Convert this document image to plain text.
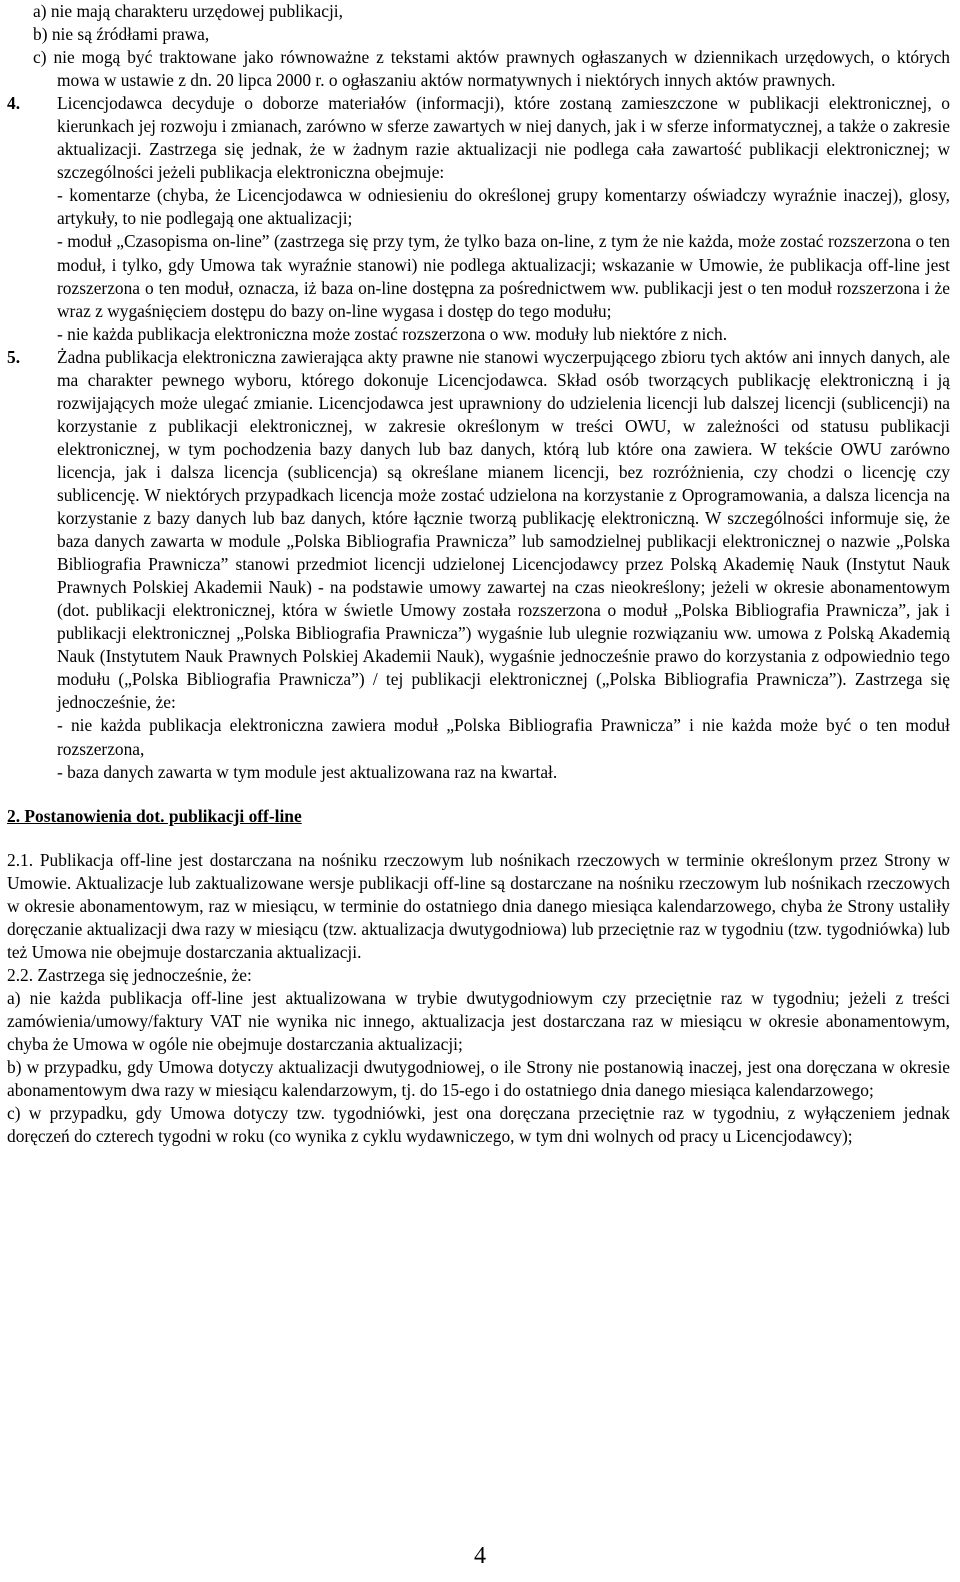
a) nie mają charakteru urzędowej publikacji,

b) nie są źródłami prawa,

c) nie mogą być traktowane jako równoważne z tekstami aktów prawnych ogłaszanych w dziennikach urzędowych, o których mowa w ustawie z dn. 20 lipca 2000 r. o ogłaszaniu aktów normatywnych i niektórych innych aktów prawnych.

4. Licencjodawca decyduje o doborze materiałów (informacji), które zostaną zamieszczone w publikacji elektronicznej, o kierunkach jej rozwoju i zmianach, zarówno w sferze zawartych w niej danych, jak i w sferze informatycznej, a także o zakresie aktualizacji. Zastrzega się jednak, że w żadnym razie aktualizacji nie podlega cała zawartość publikacji elektronicznej; w szczególności jeżeli publikacja elektroniczna obejmuje:

- komentarze (chyba, że Licencjodawca w odniesieniu do określonej grupy komentarzy oświadczy wyraźnie inaczej), glosy, artykuły, to nie podlegają one aktualizacji;

- moduł „Czasopisma on-line” (zastrzega się przy tym, że tylko baza on-line, z tym że nie każda, może zostać rozszerzona o ten moduł, i tylko, gdy Umowa tak wyraźnie stanowi) nie podlega aktualizacji; wskazanie w Umowie, że publikacja off-line jest rozszerzona o ten moduł, oznacza, iż baza on-line dostępna za pośrednictwem ww. publikacji jest o ten moduł rozszerzona i że wraz z wygaśnięciem dostępu do bazy on-line wygasa i dostęp do tego modułu;

- nie każda publikacja elektroniczna może zostać rozszerzona o ww. moduły lub niektóre z nich.

5. Żadna publikacja elektroniczna zawierająca akty prawne nie stanowi wyczerpującego zbioru tych aktów ani innych danych, ale ma charakter pewnego wyboru, którego dokonuje Licencjodawca. Skład osób tworzących publikację elektroniczną i ją rozwijających może ulegać zmianie. Licencjodawca jest uprawniony do udzielenia licencji lub dalszej licencji (sublicencji) na korzystanie z publikacji elektronicznej, w zakresie określonym w treści OWU, w zależności od statusu publikacji elektronicznej, w tym pochodzenia bazy danych lub baz danych, którą lub które ona zawiera. W tekście OWU zarówno licencja, jak i dalsza licencja (sublicencja) są określane mianem licencji, bez rozróżnienia, czy chodzi o licencję czy sublicencję. W niektórych przypadkach licencja może zostać udzielona na korzystanie z Oprogramowania, a dalsza licencja na korzystanie z bazy danych lub baz danych, które łącznie tworzą publikację elektroniczną. W szczególności informuje się, że baza danych zawarta w module „Polska Bibliografia Prawnicza” lub samodzielnej publikacji elektronicznej o nazwie „Polska Bibliografia Prawnicza” stanowi przedmiot licencji udzielonej Licencjodawcy przez Polską Akademię Nauk (Instytut Nauk Prawnych Polskiej Akademii Nauk) - na podstawie umowy zawartej na czas nieokreślony; jeżeli w okresie abonamentowym (dot. publikacji elektronicznej, która w świetle Umowy została rozszerzona o moduł „Polska Bibliografia Prawnicza”, jak i publikacji elektronicznej „Polska Bibliografia Prawnicza”) wygaśnie lub ulegnie rozwiązaniu ww. umowa z Polską Akademią Nauk (Instytutem Nauk Prawnych Polskiej Akademii Nauk), wygaśnie jednocześnie prawo do korzystania z odpowiednio tego modułu („Polska Bibliografia Prawnicza”) / tej publikacji elektronicznej („Polska Bibliografia Prawnicza”). Zastrzega się jednocześnie, że:

- nie każda publikacja elektroniczna zawiera moduł „Polska Bibliografia Prawnicza” i nie każda może być o ten moduł rozszerzona,

- baza danych zawarta w tym module jest aktualizowana raz na kwartał.

2. Postanowienia dot. publikacji off-line

2.1. Publikacja off-line jest dostarczana na nośniku rzeczowym lub nośnikach rzeczowych w terminie określonym przez Strony w Umowie. Aktualizacje lub zaktualizowane wersje publikacji off-line są dostarczane na nośniku rzeczowym lub nośnikach rzeczowych w okresie abonamentowym, raz w miesiącu, w terminie do ostatniego dnia danego miesiąca kalendarzowego, chyba że Strony ustaliły doręczanie aktualizacji dwa razy w miesiącu (tzw. aktualizacja dwutygodniowa) lub przeciętnie raz w tygodniu (tzw. tygodniówka) lub też Umowa nie obejmuje dostarczania aktualizacji.

2.2. Zastrzega się jednocześnie, że:

a) nie każda publikacja off-line jest aktualizowana w trybie dwutygodniowym czy przeciętnie raz w tygodniu; jeżeli z treści zamówienia/umowy/faktury VAT nie wynika nic innego, aktualizacja jest dostarczana raz w miesiącu w okresie abonamentowym, chyba że Umowa w ogóle nie obejmuje dostarczania aktualizacji;

b) w przypadku, gdy Umowa dotyczy aktualizacji dwutygodniowej, o ile Strony nie postanowią inaczej, jest ona doręczana w okresie abonamentowym dwa razy w miesiącu kalendarzowym, tj. do 15-ego i do ostatniego dnia danego miesiąca kalendarzowego;

c) w przypadku, gdy Umowa dotyczy tzw. tygodniówki, jest ona doręczana przeciętnie raz w tygodniu, z wyłączeniem jednak doręczeń do czterech tygodni w roku (co wynika z cyklu wydawniczego, w tym dni wolnych od pracy u Licencjodawcy);

4
